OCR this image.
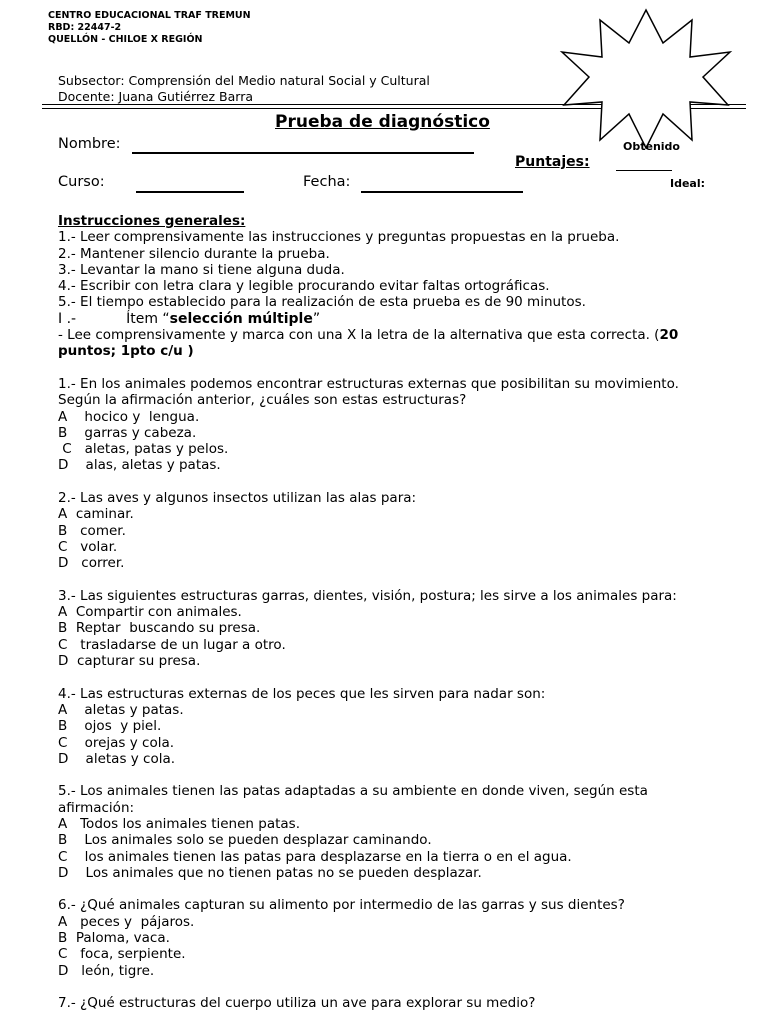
CENTRO EDUCACIONAL TRAF TREMUN
RBD: 22447-2
QUELLÓN - CHILOE X REGIÓN
Subsector: Comprensión del Medio natural Social y Cultural
Docente: Juana Gutiérrez Barra
Prueba de diagnóstico
Nombre:	Obtenido
Puntajes:
Curso:	Fecha:	Ideal:
Instrucciones generales:
1.- Leer comprensivamente las instrucciones y preguntas propuestas en la prueba.
2.- Mantener silencio durante la prueba.
3.- Levantar la mano si tiene alguna duda.
4.- Escribir con letra clara y legible procurando evitar faltas ortográficas.
5.- El tiempo establecido para la realización de esta prueba es de 90 minutos.
I .-	Ítem “selección múltiple”
- Lee comprensivamente y marca con una X la letra de la alternativa que esta correcta. (20
puntos; 1pto c/u )
1.- En los animales podemos encontrar estructuras externas que posibilitan su movimiento.
Según la afirmación anterior, ¿cuáles son estas estructuras?
A    hocico y  lengua.
B    garras y cabeza.
C   aletas, patas y pelos.
D    alas, aletas y patas.
2.- Las aves y algunos insectos utilizan las alas para:
A  caminar.
B   comer.
C   volar.
D   correr.
3.- Las siguientes estructuras garras, dientes, visión, postura; les sirve a los animales para:
A  Compartir con animales.
B  Reptar  buscando su presa.
C   trasladarse de un lugar a otro.
D  capturar su presa.
4.- Las estructuras externas de los peces que les sirven para nadar son:
A    aletas y patas.
B    ojos  y piel.
C    orejas y cola.
D    aletas y cola.
5.- Los animales tienen las patas adaptadas a su ambiente en donde viven, según esta
afirmación:
A   Todos los animales tienen patas.
B    Los animales solo se pueden desplazar caminando.
C    los animales tienen las patas para desplazarse en la tierra o en el agua.
D    Los animales que no tienen patas no se pueden desplazar.
6.- ¿Qué animales capturan su alimento por intermedio de las garras y sus dientes?
A   peces y  pájaros.
B  Paloma, vaca.
C   foca, serpiente.
D   león, tigre.
7.- ¿Qué estructuras del cuerpo utiliza un ave para explorar su medio?
